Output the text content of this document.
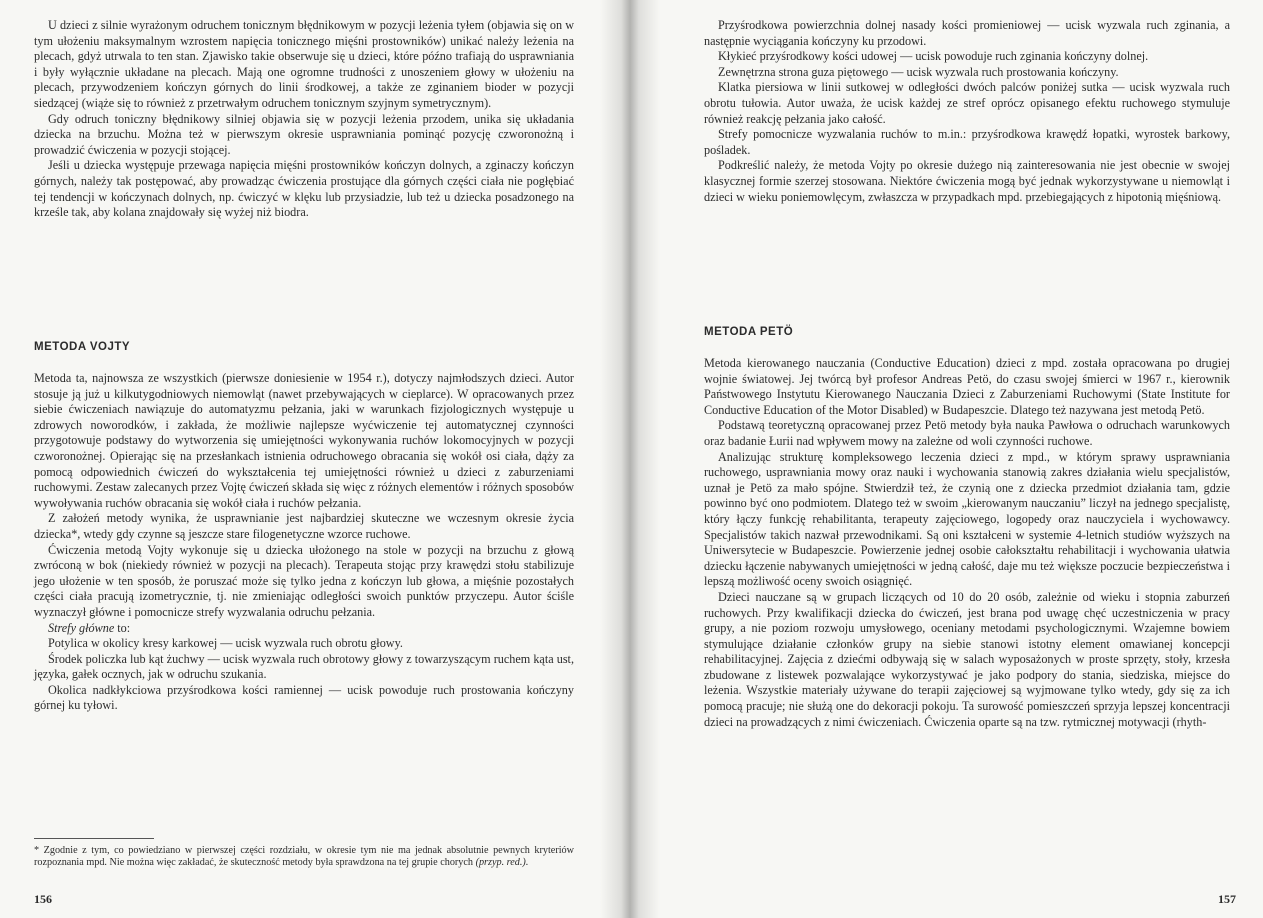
U dzieci z silnie wyrażonym odruchem tonicznym błędnikowym w pozycji leżenia tyłem (objawia się on w tym ułożeniu maksymalnym wzrostem napięcia tonicznego mięśni prostowników) unikać należy leżenia na plecach, gdyż utrwala to ten stan. Zjawisko takie obserwuje się u dzieci, które późno trafiają do usprawniania i były wyłącznie układane na plecach. Mają one ogromne trudności z unoszeniem głowy w ułożeniu na plecach, przywodzeniem kończyn górnych do linii środkowej, a także ze zginaniem bioder w pozycji siedzącej (wiąże się to również z przetrwałym odruchem tonicznym szyjnym symetrycznym).

Gdy odruch toniczny błędnikowy silniej objawia się w pozycji leżenia przodem, unika się układania dziecka na brzuchu. Można też w pierwszym okresie usprawniania pominąć pozycję czworonożną i prowadzić ćwiczenia w pozycji stojącej.

Jeśli u dziecka występuje przewaga napięcia mięśni prostowników kończyn dolnych, a zginaczy kończyn górnych, należy tak postępować, aby prowadząc ćwiczenia prostujące dla górnych części ciała nie pogłębiać tej tendencji w kończynach dolnych, np. ćwiczyć w klęku lub przysiadzie, lub też u dziecka posadzonego na krześle tak, aby kolana znajdowały się wyżej niż biodra.

METODA VOJTY

Metoda ta, najnowsza ze wszystkich (pierwsze doniesienie w 1954 r.), dotyczy najmłodszych dzieci. Autor stosuje ją już u kilkutygodniowych niemowląt (nawet przebywających w cieplarce). W opracowanych przez siebie ćwiczeniach nawiązuje do automatyzmu pełzania, jaki w warunkach fizjologicznych występuje u zdrowych noworodków, i zakłada, że możliwie najlepsze wyćwiczenie tej automatycznej czynności przygotowuje podstawy do wytworzenia się umiejętności wykonywania ruchów lokomocyjnych w pozycji czworonożnej. Opierając się na przesłankach istnienia odruchowego obracania się wokół osi ciała, dąży za pomocą odpowiednich ćwiczeń do wykształcenia tej umiejętności również u dzieci z zaburzeniami ruchowymi. Zestaw zalecanych przez Vojtę ćwiczeń składa się więc z różnych elementów i różnych sposobów wywoływania ruchów obracania się wokół ciała i ruchów pełzania.

Z założeń metody wynika, że usprawnianie jest najbardziej skuteczne we wczesnym okresie życia dziecka*, wtedy gdy czynne są jeszcze stare filogenetyczne wzorce ruchowe.

Ćwiczenia metodą Vojty wykonuje się u dziecka ułożonego na stole w pozycji na brzuchu z głową zwróconą w bok (niekiedy również w pozycji na plecach). Terapeuta stojąc przy krawędzi stołu stabilizuje jego ułożenie w ten sposób, że poruszać może się tylko jedna z kończyn lub głowa, a mięśnie pozostałych części ciała pracują izometrycznie, tj. nie zmieniając odległości swoich punktów przyczepu. Autor ściśle wyznaczył główne i pomocnicze strefy wyzwalania odruchu pełzania.

Strefy główne to:

Potylica w okolicy kresy karkowej — ucisk wyzwala ruch obrotu głowy.

Środek policzka lub kąt żuchwy — ucisk wyzwala ruch obrotowy głowy z towarzyszącym ruchem kąta ust, języka, gałek ocznych, jak w odruchu szukania.

Okolica nadkłykciowa przyśrodkowa kości ramiennej — ucisk powoduje ruch prostowania kończyny górnej ku tyłowi.

* Zgodnie z tym, co powiedziano w pierwszej części rozdziału, w okresie tym nie ma jednak absolutnie pewnych kryteriów rozpoznania mpd. Nie można więc zakładać, że skuteczność metody była sprawdzona na tej grupie chorych (przyp. red.).
156

Przyśrodkowa powierzchnia dolnej nasady kości promieniowej — ucisk wyzwala ruch zginania, a następnie wyciągania kończyny ku przodowi.

Kłykieć przyśrodkowy kości udowej — ucisk powoduje ruch zginania kończyny dolnej.

Zewnętrzna strona guza piętowego — ucisk wyzwala ruch prostowania kończyny.

Klatka piersiowa w linii sutkowej w odległości dwóch palców poniżej sutka — ucisk wyzwala ruch obrotu tułowia. Autor uważa, że ucisk każdej ze stref oprócz opisanego efektu ruchowego stymuluje również reakcję pełzania jako całość.

Strefy pomocnicze wyzwalania ruchów to m.in.: przyśrodkowa krawędź łopatki, wyrostek barkowy, pośladek.

Podkreślić należy, że metoda Vojty po okresie dużego nią zainteresowania nie jest obecnie w swojej klasycznej formie szerzej stosowana. Niektóre ćwiczenia mogą być jednak wykorzystywane u niemowląt i dzieci w wieku poniemowlęcym, zwłaszcza w przypadkach mpd. przebiegających z hipotonią mięśniową.

METODA PETÖ

Metoda kierowanego nauczania (Conductive Education) dzieci z mpd. została opracowana po drugiej wojnie światowej. Jej twórcą był profesor Andreas Petö, do czasu swojej śmierci w 1967 r., kierownik Państwowego Instytutu Kierowanego Nauczania Dzieci z Zaburzeniami Ruchowymi (State Institute for Conductive Education of the Motor Disabled) w Budapeszcie. Dlatego też nazywana jest metodą Petö.

Podstawą teoretyczną opracowanej przez Petö metody była nauka Pawłowa o odruchach warunkowych oraz badanie Łurii nad wpływem mowy na zależne od woli czynności ruchowe.

Analizując strukturę kompleksowego leczenia dzieci z mpd., w którym sprawy usprawniania ruchowego, usprawniania mowy oraz nauki i wychowania stanowią zakres działania wielu specjalistów, uznał je Petö za mało spójne. Stwierdził też, że czynią one z dziecka przedmiot działania tam, gdzie powinno być ono podmiotem. Dlatego też w swoim „kierowanym nauczaniu” liczył na jednego specjalistę, który łączy funkcję rehabilitanta, terapeuty zajęciowego, logopedy oraz nauczyciela i wychowawcy. Specjalistów takich nazwał przewodnikami. Są oni kształceni w systemie 4-letnich studiów wyższych na Uniwersytecie w Budapeszcie. Powierzenie jednej osobie całokształtu rehabilitacji i wychowania ułatwia dziecku łączenie nabywanych umiejętności w jedną całość, daje mu też większe poczucie bezpieczeństwa i lepszą możliwość oceny swoich osiągnięć.

Dzieci nauczane są w grupach liczących od 10 do 20 osób, zależnie od wieku i stopnia zaburzeń ruchowych. Przy kwalifikacji dziecka do ćwiczeń, jest brana pod uwagę chęć uczestniczenia w pracy grupy, a nie poziom rozwoju umysłowego, oceniany metodami psychologicznymi. Wzajemne bowiem stymulujące działanie członków grupy na siebie stanowi istotny element omawianej koncepcji rehabilitacyjnej. Zajęcia z dziećmi odbywają się w salach wyposażonych w proste sprzęty, stoły, krzesła zbudowane z listewek pozwalające wykorzystywać je jako podpory do stania, siedziska, miejsce do leżenia. Wszystkie materiały używane do terapii zajęciowej są wyjmowane tylko wtedy, gdy się za ich pomocą pracuje; nie służą one do dekoracji pokoju. Ta surowość pomieszczeń sprzyja lepszej koncentracji dzieci na prowadzących z nimi ćwiczeniach. Ćwiczenia oparte są na tzw. rytmicznej motywacji (rhyth-

157
